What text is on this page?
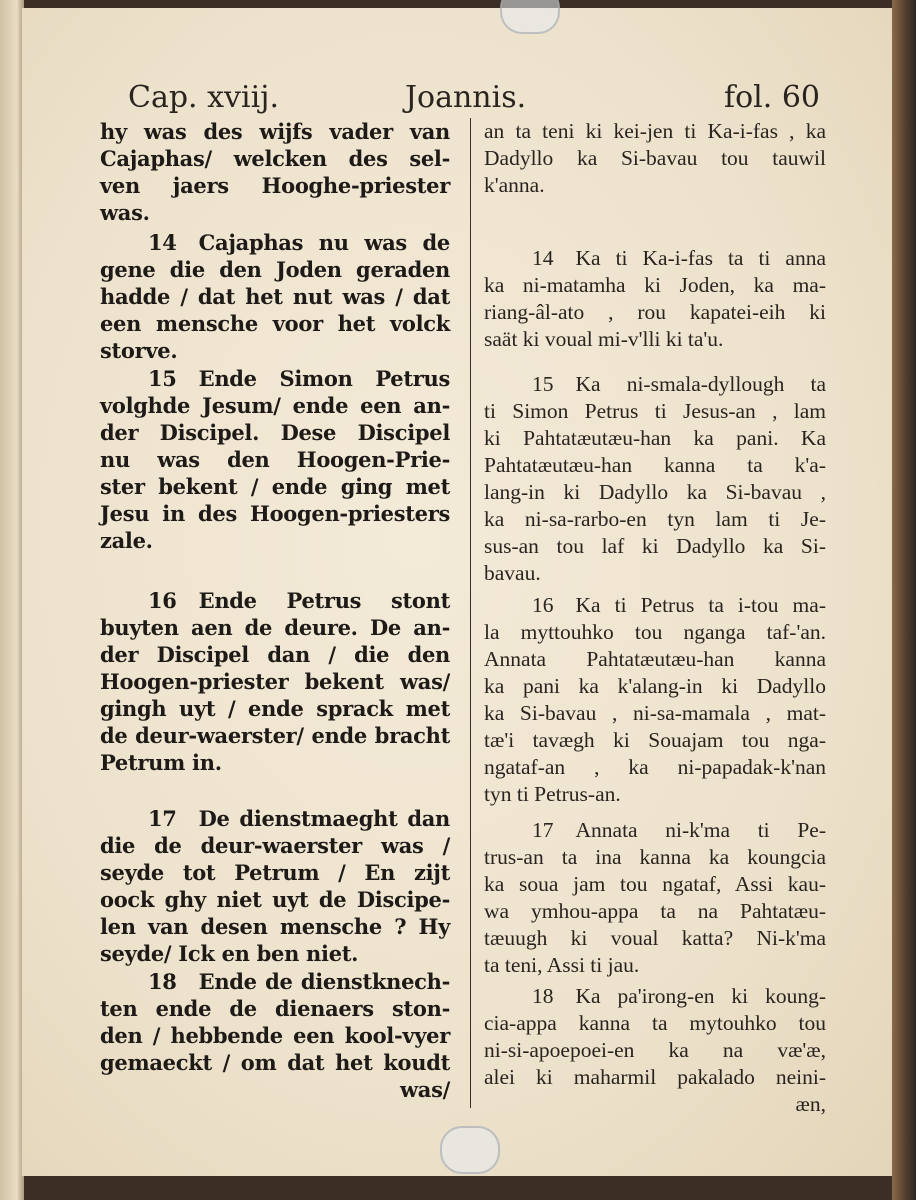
Cap. xviij.	Joannis.	fol. 60
hy was des wijfs vader van
Cajaphas/ welcken des sel-
ven jaers Hooghe-priester
was.
14 Cajaphas nu was de
gene die den Joden geraden
hadde / dat het nut was / dat
een mensche voor het volck
storve.
15 Ende Simon Petrus
volghde Jesum/ ende een an-
der Discipel. Dese Discipel
nu was den Hoogen-Prie-
ster bekent / ende ging met
Jesu in des Hoogen-priesters
zale.
16 Ende Petrus stont
buyten aen de deure. De an-
der Discipel dan / die den
Hoogen-priester bekent was/
gingh uyt / ende sprack met
de deur-waerster/ ende bracht
Petrum in.
17 De dienstmaeght dan
die de deur-waerster was /
seyde tot Petrum / En zijt
oock ghy niet uyt de Discipe-
len van desen mensche ? Hy
seyde/ Ick en ben niet.
18 Ende de dienstknech-
ten ende de dienaers ston-
den / hebbende een kool-vyer
gemaeckt / om dat het koudt
was/
an ta teni ki kei-jen ti Ka-i-fas , ka
Dadyllo ka Si-bavau tou tauwil
k'anna.
14 Ka ti Ka-i-fas ta ti anna
ka ni-matamha ki Joden, ka ma-
riang-âl-ato , rou kapatei-eih ki
saät ki voual mi-v'lli ki ta'u.
15 Ka ni-smala-dyllough ta
ti Simon Petrus ti Jesus-an , lam
ki Pahtatæutæu-han ka pani. Ka
Pahtatæutæu-han kanna ta k'a-
lang-in ki Dadyllo ka Si-bavau ,
ka ni-sa-rarbo-en tyn lam ti Je-
sus-an tou laf ki Dadyllo ka Si-
bavau.
16 Ka ti Petrus ta i-tou ma-
la myttouhko tou nganga taf-'an.
Annata Pahtatæutæu-han kanna
ka pani ka k'alang-in ki Dadyllo
ka Si-bavau , ni-sa-mamala , mat-
tæ'i tavægh ki Souajam tou nga-
ngataf-an , ka ni-papadak-k'nan
tyn ti Petrus-an.
17 Annata ni-k'ma ti Pe-
trus-an ta ina kanna ka koungcia
ka soua jam tou ngataf, Assi kau-
wa ymhou-appa ta na Pahtatæu-
tæuugh ki voual katta? Ni-k'ma
ta teni, Assi ti jau.
18 Ka pa'irong-en ki koung-
cia-appa kanna ta mytouhko tou
ni-si-apoepoei-en ka na væ'æ,
alei ki maharmil pakalado neini-
æn,
